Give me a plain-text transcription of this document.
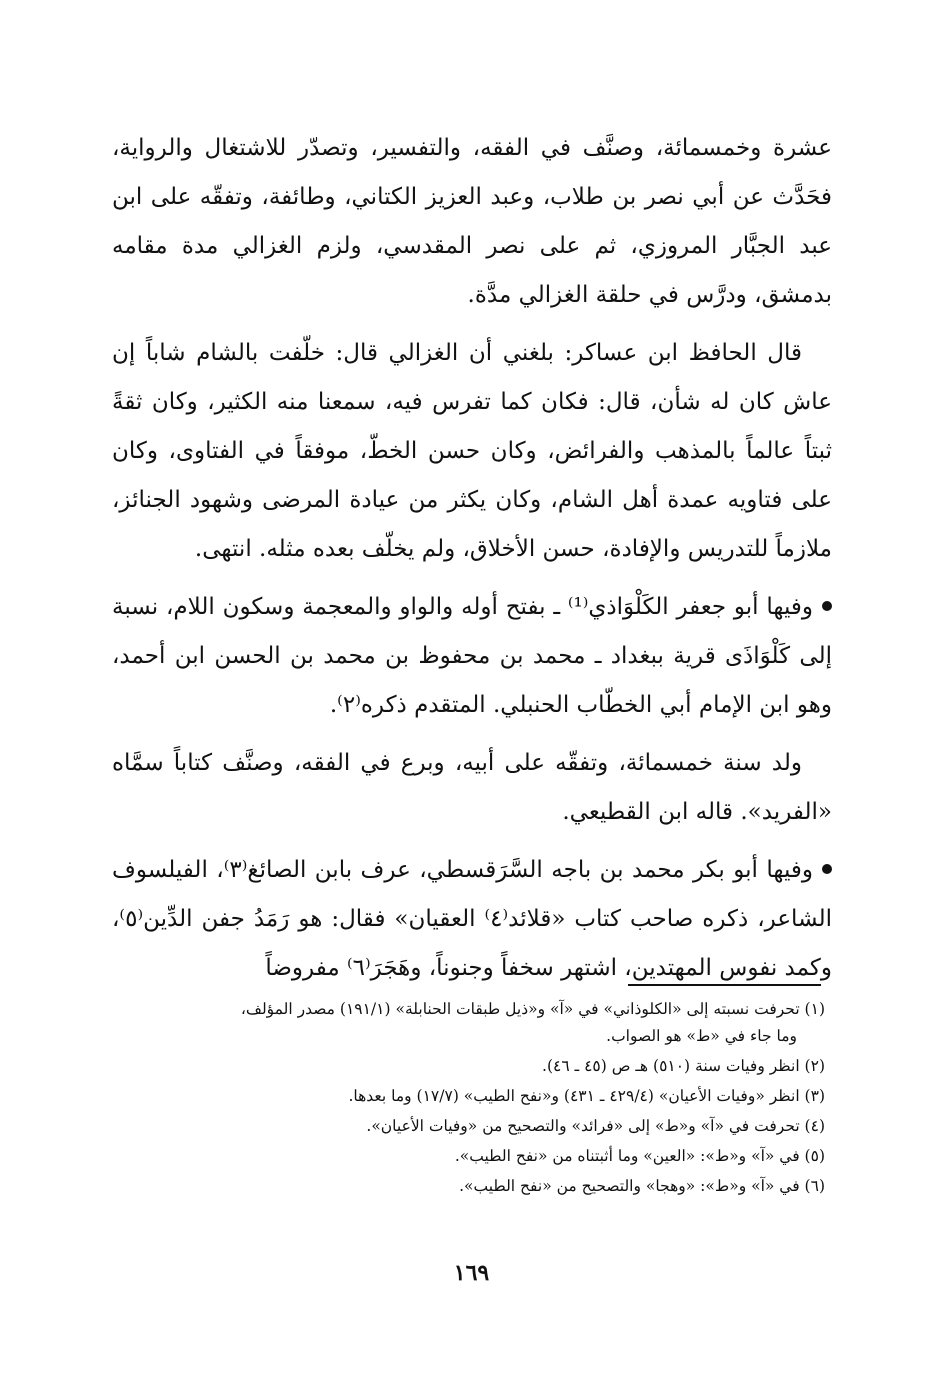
عشرة وخمسمائة، وصنَّف في الفقه، والتفسير، وتصدّر للاشتغال والرواية، فحَدَّث عن أبي نصر بن طلاب، وعبد العزيز الكتاني، وطائفة، وتفقّه على ابن عبد الجبَّار المروزي، ثم على نصر المقدسي، ولزم الغزالي مدة مقامه بدمشق، ودرَّس في حلقة الغزالي مدَّة.

قال الحافظ ابن عساكر: بلغني أن الغزالي قال: خلّفت بالشام شاباً إن عاش كان له شأن، قال: فكان كما تفرس فيه، سمعنا منه الكثير، وكان ثقةً ثبتاً عالماً بالمذهب والفرائض، وكان حسن الخطّ، موفقاً في الفتاوى، وكان على فتاويه عمدة أهل الشام، وكان يكثر من عيادة المرضى وشهود الجنائز، ملازماً للتدريس والإفادة، حسن الأخلاق، ولم يخلّف بعده مثله. انتهى.

وفيها أبو جعفر الكَلْوَاذي⁽¹⁾ ـ بفتح أوله والواو والمعجمة وسكون اللام، نسبة إلى كَلْوَاذَى قرية ببغداد ـ محمد بن محفوظ بن محمد بن الحسن ابن أحمد، وهو ابن الإمام أبي الخطّاب الحنبلي. المتقدم ذكره⁽٢⁾.

ولد سنة خمسمائة، وتفقّه على أبيه، وبرع في الفقه، وصنَّف كتاباً سمَّاه «الفريد». قاله ابن القطيعي.

وفيها أبو بكر محمد بن باجه السَّرَقسطي، عرف بابن الصائغ⁽٣⁾، الفيلسوف الشاعر، ذكره صاحب كتاب «قلائد⁽٤⁾ العقيان» فقال: هو رَمَدُ جفن الدِّين⁽٥⁾، وكمد نفوس المهتدين، اشتهر سخفاً وجنوناً، وهَجَرَ⁽٦⁾ مفروضاً

(١) تحرفت نسبته إلى «الكلوذاني» في «آ» و«ذيل طبقات الحنابلة» (١٩١/١) مصدر المؤلف،

وما جاء في «ط» هو الصواب.

(٢) انظر وفيات سنة (٥١٠) هـ ص (٤٥ ـ ٤٦).

(٣) انظر «وفيات الأعيان» (٤٢٩/٤ ـ ٤٣١) و«نفح الطيب» (١٧/٧) وما بعدها.

(٤) تحرفت في «آ» و«ط» إلى «فرائد» والتصحيح من «وفيات الأعيان».

(٥) في «آ» و«ط»: «العين» وما أثبتناه من «نفح الطيب».

(٦) في «آ» و«ط»: «وهجا» والتصحيح من «نفح الطيب».

١٦٩
